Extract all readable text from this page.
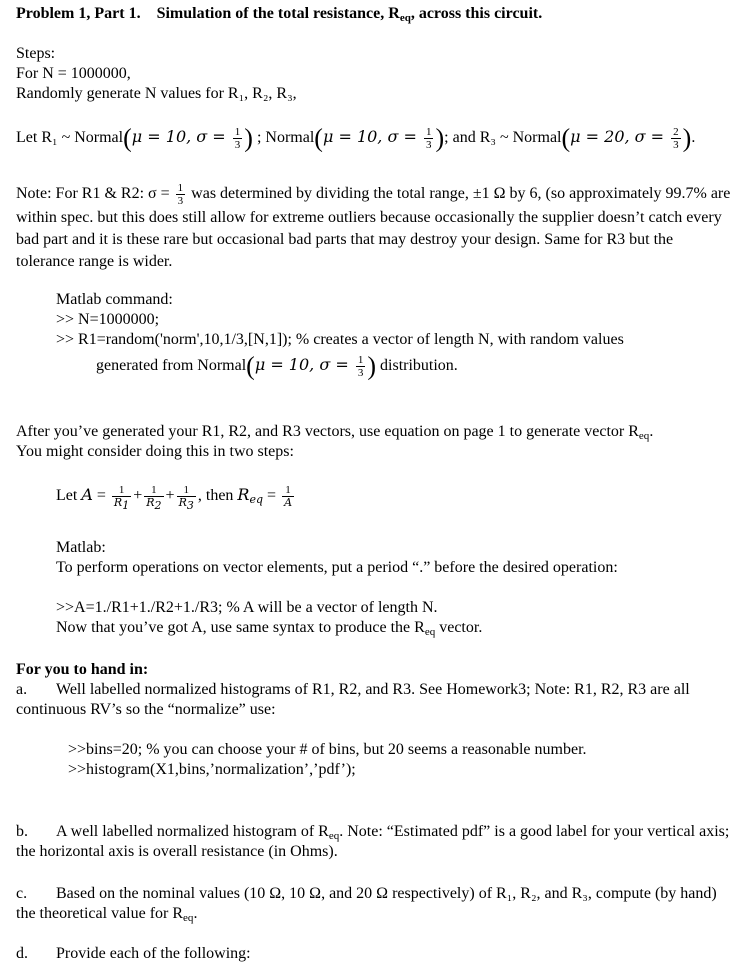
Problem 1, Part 1. Simulation of the total resistance, $R_{eq}$, across this circuit.
Steps:
For N = 1000000,
Randomly generate N values for R₁, R₂, R₃,
Let R₁ ~ Normal(μ = 10, $\sigma = \frac{1}{3}$ ) ; Normal(μ = 10, $\sigma = \frac{1}{3}$ ); and R₃ ~ Normal(μ = 20, $\sigma = \frac{2}{3}$ ).
Note: For R1 & R2: $\sigma = \frac{1}{3}$ was determined by dividing the total range, ±1 Ω by 6, (so approximately 99.7% are within spec. but this does still allow for extreme outliers because occasionally the supplier doesn’t catch every bad part and it is these rare but occasional bad parts that may destroy your design. Same for R3 but the tolerance range is wider.
Matlab command:
>> N=1000000;
>> R1=random('norm',10,1/3,[N,1]); % creates a vector of length N, with random values
generated from Normal(μ = 10, $\sigma = \frac{1}{3}$ ) distribution.
After you’ve generated your R1, R2, and R3 vectors, use equation on page 1 to generate vector $R_{eq}$.
You might consider doing this in two steps:
Let $A = \frac{1}{R_1} + \frac{1}{R_2} + \frac{1}{R_3}$ , then $R_{eq} = \frac{1}{A}$
Matlab:
To perform operations on vector elements, put a period “.” before the desired operation:
>>A=1./R1+1./R2+1./R3; % A will be a vector of length N.
Now that you’ve got A, use same syntax to produce the $R_{eq}$ vector.
For you to hand in:
a. Well labelled normalized histograms of R1, R2, and R3. See Homework3; Note: R1, R2, R3 are all continuous RV’s so the “normalize” use:
>>bins=20; % you can choose your # of bins, but 20 seems a reasonable number.
>>histogram(X1,bins,’normalization’,’pdf’);
b. A well labelled normalized histogram of $R_{eq}$. Note: “Estimated pdf” is a good label for your vertical axis; the horizontal axis is overall resistance (in Ohms).
c. Based on the nominal values (10 Ω, 10 Ω, and 20 Ω respectively) of R₁, R₂, and R₃, compute (by hand) the theoretical value for $R_{eq}$.
d. Provide each of the following:
